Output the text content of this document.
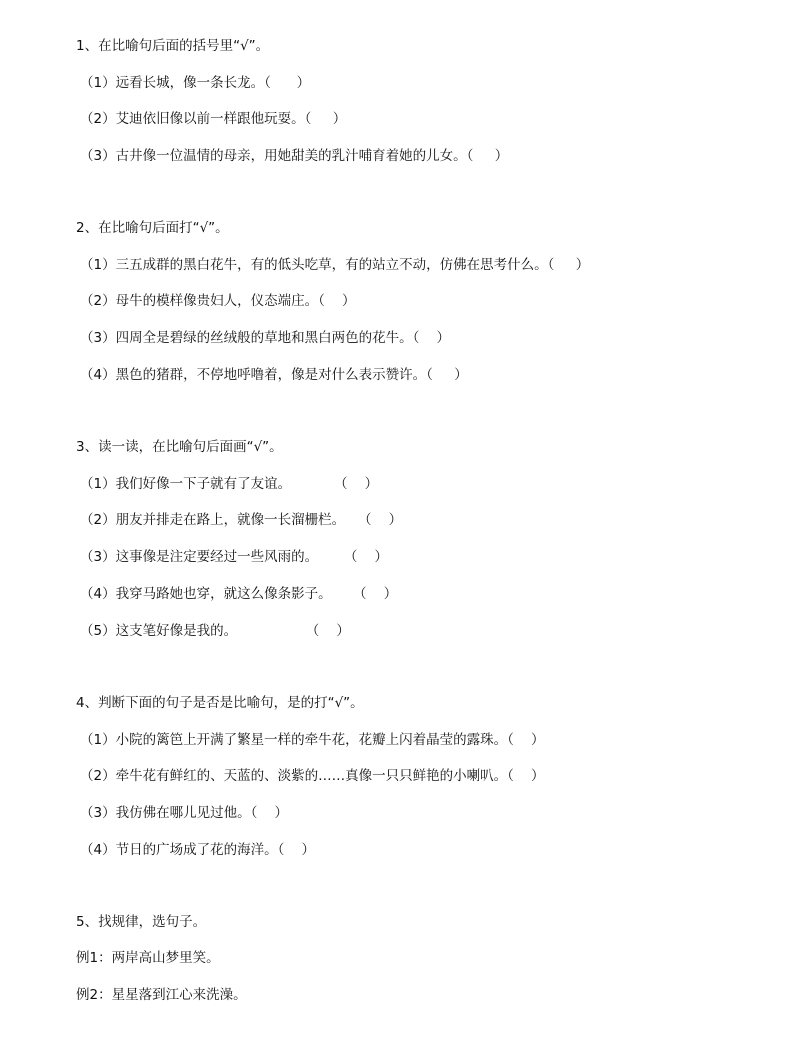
1、在比喻句后面的括号里“√”。
（1）远看长城，像一条长龙。（      ）
（2）艾迪依旧像以前一样跟他玩耍。（     ）
（3）古井像一位温情的母亲，用她甜美的乳汁哺育着她的儿女。（     ）
2、在比喻句后面打“√”。
（1）三五成群的黑白花牛，有的低头吃草，有的站立不动，仿佛在思考什么。（     ）
（2）母牛的模样像贵妇人，仪态端庄。（    ）
（3）四周全是碧绿的丝绒般的草地和黑白两色的花牛。（    ）
（4）黑色的猪群，不停地呼噜着，像是对什么表示赞许。（     ）
3、读一读，在比喻句后面画“√”。
（1）我们好像一下子就有了友谊。          （    ）
（2）朋友并排走在路上，就像一长溜栅栏。   （    ）
（3）这事像是注定要经过一些风雨的。      （    ）
（4）我穿马路她也穿，就这么像条影子。     （    ）
（5）这支笔好像是我的。                （    ）
4、判断下面的句子是否是比喻句，是的打“√”。
（1）小院的篱笆上开满了繁星一样的牵牛花，花瓣上闪着晶莹的露珠。（    ）
（2）牵牛花有鲜红的、天蓝的、淡紫的……真像一只只鲜艳的小喇叭。（    ）
（3）我仿佛在哪儿见过他。（    ）
（4）节日的广场成了花的海洋。（    ）
5、找规律，选句子。
例1：两岸高山梦里笑。
例2：星星落到江心来洗澡。
